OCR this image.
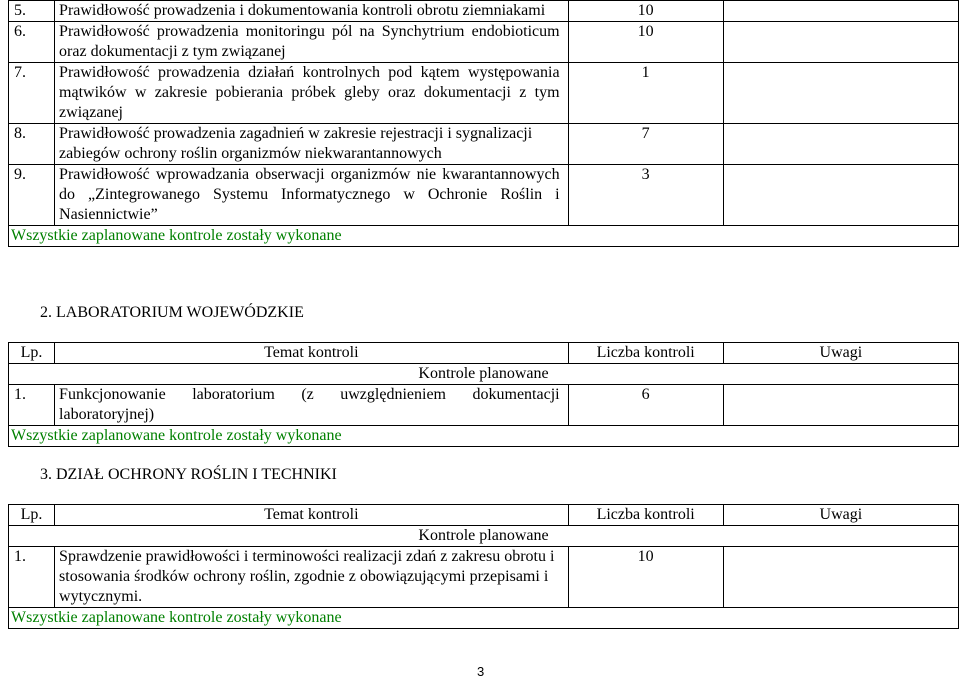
5.	Prawidłowość prowadzenia i dokumentowania kontroli obrotu ziemniakami	10	
6.	Prawidłowość prowadzenia monitoringu pól na Synchytrium endobioticum oraz dokumentacji z tym związanej	10	
7.	Prawidłowość prowadzenia działań kontrolnych pod kątem występowania mątwików w zakresie pobierania próbek gleby oraz dokumentacji z tym związanej	1	
8.	Prawidłowość prowadzenia zagadnień w zakresie rejestracji i sygnalizacji zabiegów ochrony roślin organizmów niekwarantannowych	7	
9.	Prawidłowość wprowadzania obserwacji organizmów nie kwarantannowych do „Zintegrowanego Systemu Informatycznego w Ochronie Roślin i Nasiennictwie”	3	
Wszystkie zaplanowane kontrole zostały wykonane			
2. LABORATORIUM WOJEWÓDZKIE
Lp.	Temat kontroli	Liczba kontroli	Uwagi
Kontrole planowane			
1.	Funkcjonowanie laboratorium (z uwzględnieniem dokumentacji laboratoryjnej)	6	
Wszystkie zaplanowane kontrole zostały wykonane			
3. DZIAŁ OCHRONY ROŚLIN I TECHNIKI
Lp.	Temat kontroli	Liczba kontroli	Uwagi
Kontrole planowane			
1.	Sprawdzenie prawidłowości i terminowości realizacji zdań z zakresu obrotu i stosowania środków ochrony roślin, zgodnie z obowiązującymi przepisami i wytycznymi.	10	
Wszystkie zaplanowane kontrole zostały wykonane			
3
